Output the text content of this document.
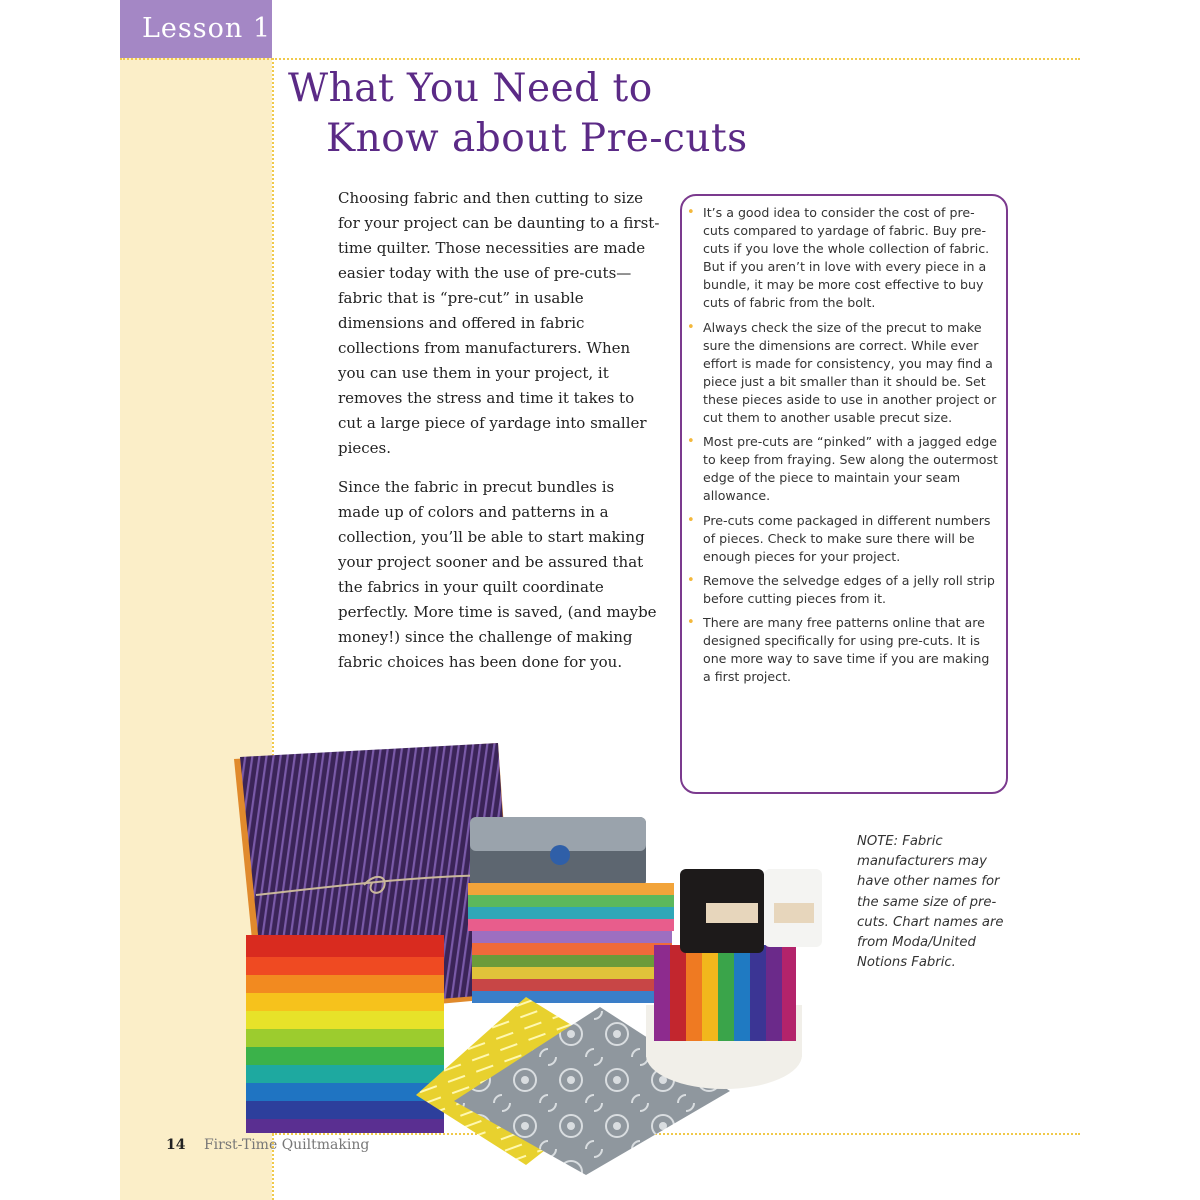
Lesson 1
What You Need to
Know about Pre-cuts

Choosing fabric and then cutting to size for your project can be daunting to a first-time quilter. Those necessities are made easier today with the use of pre-cuts—fabric that is “pre-cut” in usable dimensions and offered in fabric collections from manufacturers. When you can use them in your project, it removes the stress and time it takes to cut a large piece of yardage into smaller pieces.

Since the fabric in precut bundles is made up of colors and patterns in a collection, you’ll be able to start making your project sooner and be assured that the fabrics in your quilt coordinate perfectly. More time is saved, (and maybe money!) since the challenge of making fabric choices has been done for you.

• It’s a good idea to consider the cost of pre-cuts compared to yardage of fabric. Buy pre-cuts if you love the whole collection of fabric. But if you aren’t in love with every piece in a bundle, it may be more cost effective to buy cuts of fabric from the bolt.
• Always check the size of the precut to make sure the dimensions are correct. While ever effort is made for consistency, you may find a piece just a bit smaller than it should be. Set these pieces aside to use in another project or cut them to another usable precut size.
• Most pre-cuts are “pinked” with a jagged edge to keep from fraying. Sew along the outermost edge of the piece to maintain your seam allowance.
• Pre-cuts come packaged in different numbers of pieces. Check to make sure there will be enough pieces for your project.
• Remove the selvedge edges of a jelly roll strip before cutting pieces from it.
• There are many free patterns online that are designed specifically for using pre-cuts. It is one more way to save time if you are making a first project.
NOTE: Fabric manufacturers may have other names for the same size of pre-cuts. Chart names are from Moda/United Notions Fabric.
14 First-Time Quiltmaking
